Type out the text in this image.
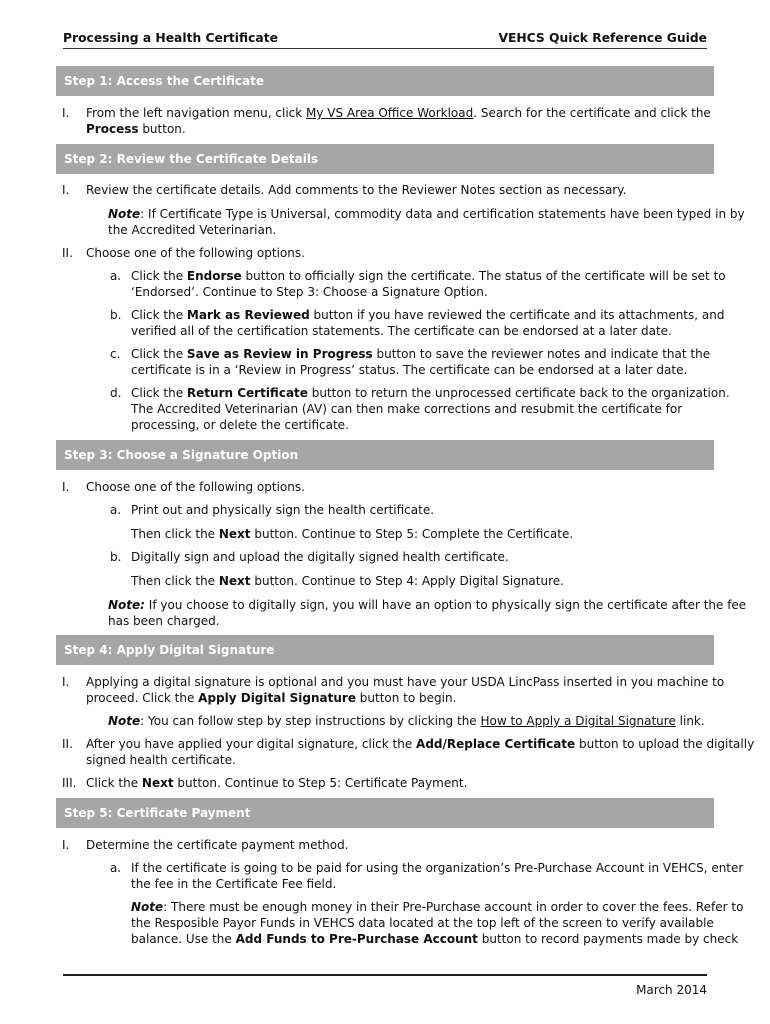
Processing a Health Certificate	VEHCS Quick Reference Guide
Step 1: Access the Certificate
I. From the left navigation menu, click My VS Area Office Workload. Search for the certificate and click the
Process button.
Step 2: Review the Certificate Details
I. Review the certificate details. Add comments to the Reviewer Notes section as necessary.
Note: If Certificate Type is Universal, commodity data and certification statements have been typed in by
the Accredited Veterinarian.
II. Choose one of the following options.
a. Click the Endorse button to officially sign the certificate. The status of the certificate will be set to
‘Endorsed’. Continue to Step 3: Choose a Signature Option.
b. Click the Mark as Reviewed button if you have reviewed the certificate and its attachments, and
verified all of the certification statements. The certificate can be endorsed at a later date.
c. Click the Save as Review in Progress button to save the reviewer notes and indicate that the
certificate is in a ‘Review in Progress’ status. The certificate can be endorsed at a later date.
d. Click the Return Certificate button to return the unprocessed certificate back to the organization.
The Accredited Veterinarian (AV) can then make corrections and resubmit the certificate for
processing, or delete the certificate.
Step 3: Choose a Signature Option
I. Choose one of the following options.
a. Print out and physically sign the health certificate.
Then click the Next button. Continue to Step 5: Complete the Certificate.
b. Digitally sign and upload the digitally signed health certificate.
Then click the Next button. Continue to Step 4: Apply Digital Signature.
Note: If you choose to digitally sign, you will have an option to physically sign the certificate after the fee
has been charged.
Step 4: Apply Digital Signature
I. Applying a digital signature is optional and you must have your USDA LincPass inserted in you machine to
proceed. Click the Apply Digital Signature button to begin.
Note: You can follow step by step instructions by clicking the How to Apply a Digital Signature link.
II. After you have applied your digital signature, click the Add/Replace Certificate button to upload the digitally
signed health certificate.
III. Click the Next button. Continue to Step 5: Certificate Payment.
Step 5: Certificate Payment
I. Determine the certificate payment method.
a. If the certificate is going to be paid for using the organization’s Pre-Purchase Account in VEHCS, enter
the fee in the Certificate Fee field.
Note: There must be enough money in their Pre-Purchase account in order to cover the fees. Refer to
the Resposible Payor Funds in VEHCS data located at the top left of the screen to verify available
balance. Use the Add Funds to Pre-Purchase Account button to record payments made by check
March 2014
